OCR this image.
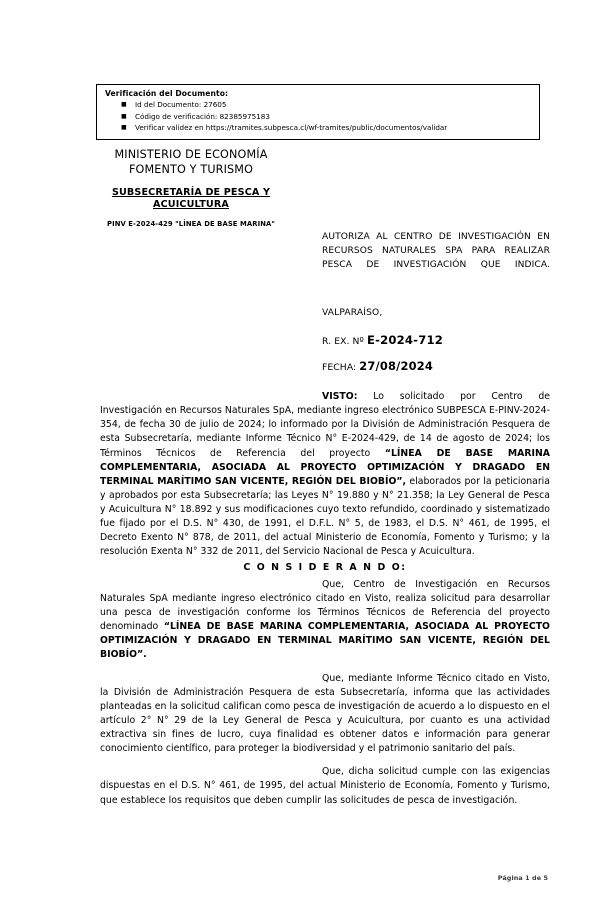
Verificación del Documento:
■ Id del Documento: 27605
■ Código de verificación: 82385975183
■ Verificar validez en https://tramites.subpesca.cl/wf-tramites/public/documentos/validar
MINISTERIO DE ECONOMÍA
FOMENTO Y TURISMO
SUBSECRETARÍA DE PESCA Y
ACUICULTURA
PINV E-2024-429 "LÍNEA DE BASE MARINA"
AUTORIZA AL CENTRO DE INVESTIGACIÓN EN RECURSOS NATURALES SPA PARA REALIZAR PESCA DE INVESTIGACIÓN QUE INDICA.
VALPARAÍSO,
R. EX. Nº E-2024-712
FECHA: 27/08/2024

VISTO: Lo solicitado por Centro de Investigación en Recursos Naturales SpA, mediante ingreso electrónico SUBPESCA E-PINV-2024-354, de fecha 30 de julio de 2024; lo informado por la División de Administración Pesquera de esta Subsecretaría, mediante Informe Técnico N° E-2024-429, de 14 de agosto de 2024; los Términos Técnicos de Referencia del proyecto “LÍNEA DE BASE MARINA COMPLEMENTARIA, ASOCIADA AL PROYECTO OPTIMIZACIÓN Y DRAGADO EN TERMINAL MARÍTIMO SAN VICENTE, REGIÓN DEL BIOBÍO”, elaborados por la peticionaria y aprobados por esta Subsecretaría; las Leyes N° 19.880 y N° 21.358; la Ley General de Pesca y Acuicultura N° 18.892 y sus modificaciones cuyo texto refundido, coordinado y sistematizado fue fijado por el D.S. N° 430, de 1991, el D.F.L. N° 5, de 1983, el D.S. N° 461, de 1995, el Decreto Exento N° 878, de 2011, del actual Ministerio de Economía, Fomento y Turismo; y la resolución Exenta N° 332 de 2011, del Servicio Nacional de Pesca y Acuicultura.

C O N S I D E R A N D O:

Que, Centro de Investigación en Recursos Naturales SpA mediante ingreso electrónico citado en Visto, realiza solicitud para desarrollar una pesca de investigación conforme los Términos Técnicos de Referencia del proyecto denominado “LÍNEA DE BASE MARINA COMPLEMENTARIA, ASOCIADA AL PROYECTO OPTIMIZACIÓN Y DRAGADO EN TERMINAL MARÍTIMO SAN VICENTE, REGIÓN DEL BIOBÍO”.

Que, mediante Informe Técnico citado en Visto, la División de Administración Pesquera de esta Subsecretaría, informa que las actividades planteadas en la solicitud califican como pesca de investigación de acuerdo a lo dispuesto en el artículo 2° N° 29 de la Ley General de Pesca y Acuicultura, por cuanto es una actividad extractiva sin fines de lucro, cuya finalidad es obtener datos e información para generar conocimiento científico, para proteger la biodiversidad y el patrimonio sanitario del país.

Que, dicha solicitud cumple con las exigencias dispuestas en el D.S. N° 461, de 1995, del actual Ministerio de Economía, Fomento y Turismo, que establece los requisitos que deben cumplir las solicitudes de pesca de investigación.

Página 1 de 5
